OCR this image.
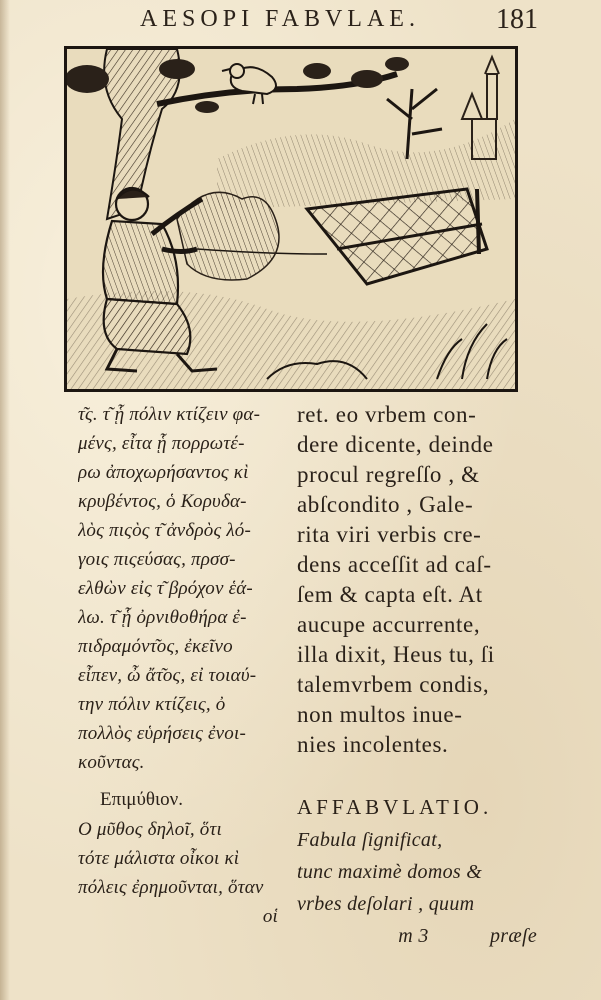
AESOPI FABVLAE.	181
τ͂ς. τ͂ ᾗ πόλιν κτίζειν φα-
μένς, εἶτα ᾗ πορρωτέ-
ρω ἀποχωρήσαντος κὶ
κρυβέντος, ὁ Κορυδα-
λὸς πιςὸς τ͂ ἀνδρὸς λό-
γοις πιςεύσας, πρσσ-
ελθὼν εἰς τ͂ βρόχον ἑά-
λω. τ͂ ᾗ ὀρνιθοθήρα ἐ-
πιδραμόντ͂ος, ἐκεῖνο
εἶπεν, ὦ ἄτ͂ος, εἰ τοιαύ-
την πόλιν κτίζεις, ὀ
πολλὸς εὑρήσεις ἐνοι-
κοῦντας.
Επιμύθιον.
Ο μῦθος δηλοῖ, ὅτι
τότε μάλιστα οἶκοι κὶ
πόλεις ἐρημοῦνται, ὅταν
οἱ
ret. eo vrbem con-
dere dicente, deinde
procul regreſſo , &
abſcondito , Gale-
rita viri verbis cre-
dens acceſſit ad caſ-
ſem & capta eſt. At
aucupe accurrente,
illa dixit, Heus tu, ſi
talemvrbem condis,
non multos inue-
nies incolentes.
AFFABVLATIO.
Fabula ſignificat,
tunc maximè domos &
vrbes deſolari , quum
m 3	præſe
